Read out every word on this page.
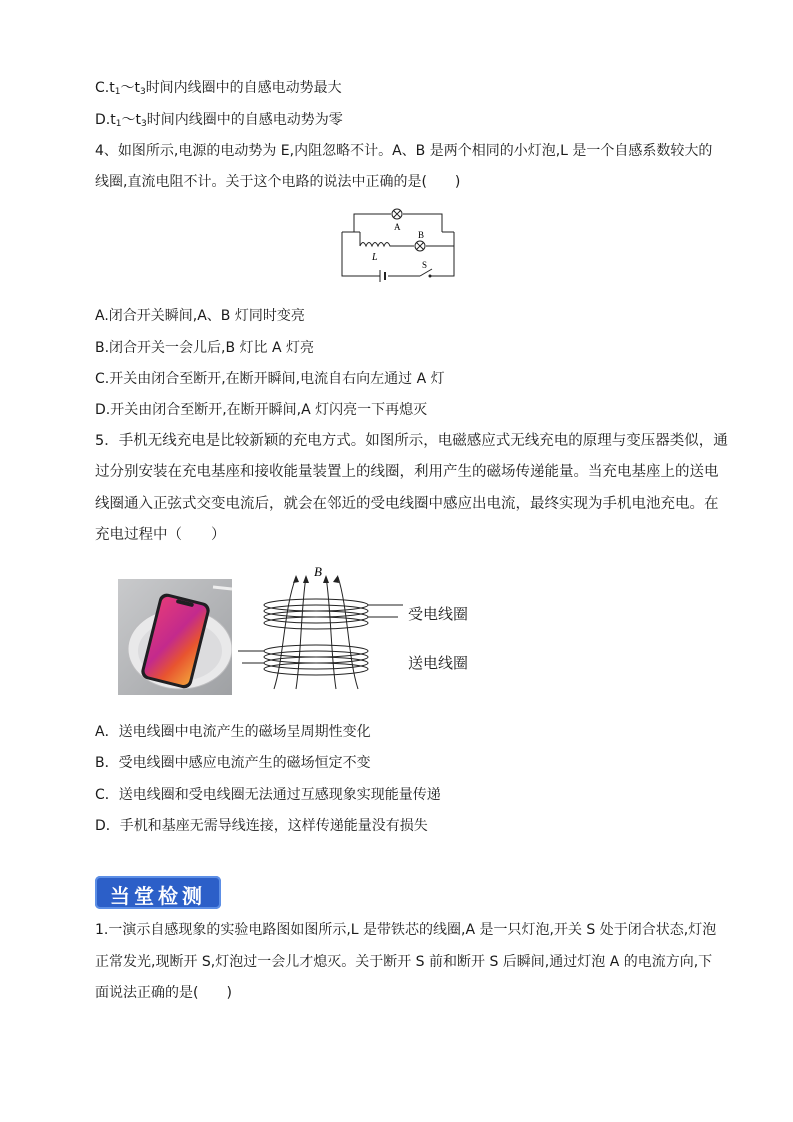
$C.t_1\sim t_3$时间内线圈中的自感电动势最大
$D.t_1\sim t_3$时间内线圈中的自感电动势为零
4、如图所示,电源的电动势为 E,内阻忽略不计。A、B 是两个相同的小灯泡,L 是一个自感系数较大的
线圈,直流电阻不计。关于这个电路的说法中正确的是(　　)
A
B
L
S
A.闭合开关瞬间,A、B 灯同时变亮
B.闭合开关一会儿后,B 灯比 A 灯亮
C.开关由闭合至断开,在断开瞬间,电流自右向左通过 A 灯
D.开关由闭合至断开,在断开瞬间,A 灯闪亮一下再熄灭
5．手机无线充电是比较新颖的充电方式。如图所示，电磁感应式无线充电的原理与变压器类似，通
过分别安装在充电基座和接收能量装置上的线圈，利用产生的磁场传递能量。当充电基座上的送电
线圈通入正弦式交变电流后，就会在邻近的受电线圈中感应出电流，最终实现为手机电池充电。在
充电过程中（　　）
B
受电线圈
送电线圈
A．送电线圈中电流产生的磁场呈周期性变化
B．受电线圈中感应电流产生的磁场恒定不变
C．送电线圈和受电线圈无法通过互感现象实现能量传递
D．手机和基座无需导线连接，这样传递能量没有损失
当堂检测
1.一演示自感现象的实验电路图如图所示,L 是带铁芯的线圈,A 是一只灯泡,开关 S 处于闭合状态,灯泡
正常发光,现断开 S,灯泡过一会儿才熄灭。关于断开 S 前和断开 S 后瞬间,通过灯泡 A 的电流方向,下
面说法正确的是(　　)
